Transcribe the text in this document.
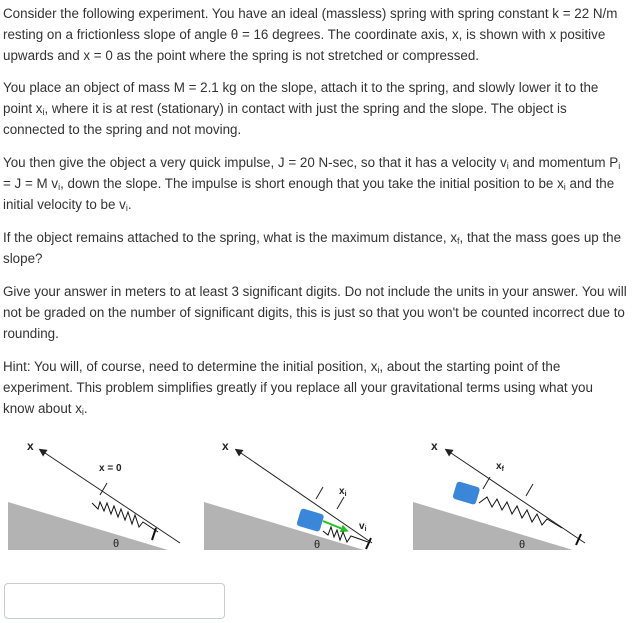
Consider the following experiment. You have an ideal (massless) spring with spring constant k = 22 N/m resting on a frictionless slope of angle θ = 16 degrees. The coordinate axis, x, is shown with x positive upwards and x = 0 as the point where the spring is not stretched or compressed.

You place an object of mass M = 2.1 kg on the slope, attach it to the spring, and slowly lower it to the point $x_i$, where it is at rest (stationary) in contact with just the spring and the slope. The object is connected to the spring and not moving.

You then give the object a very quick impulse, J = 20 N-sec, so that it has a velocity $v_i$ and momentum $P_i = J = M$ $v_i$, down the slope. The impulse is short enough that you take the initial position to be $x_i$ and the initial velocity to be $v_i$.

If the object remains attached to the spring, what is the maximum distance, $x_f$, that the mass goes up the slope?

Give your answer in meters to at least 3 significant digits. Do not include the units in your answer. You will not be graded on the number of significant digits, this is just so that you won't be counted incorrect due to rounding.

Hint: You will, of course, need to determine the initial position, $x_i$, about the starting point of the experiment. This problem simplifies greatly if you replace all your gravitational terms using what you know about $x_i$.

x
x = 0
θ
x
$x_i$
$v_i$
θ
x
$x_f$
θ
